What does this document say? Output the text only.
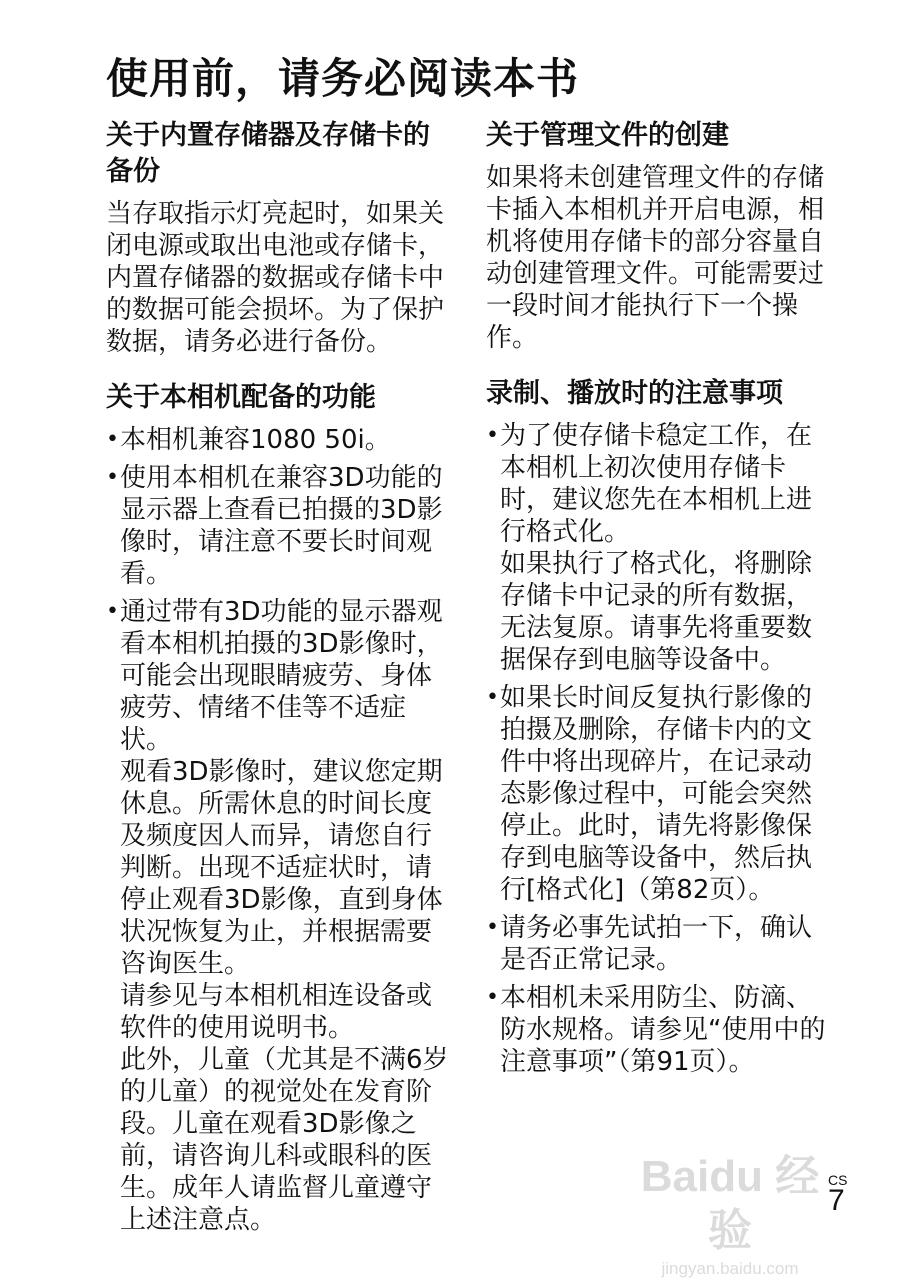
使用前，请务必阅读本书
关于内置存储器及存储卡的备份

当存取指示灯亮起时，如果关闭电源或取出电池或存储卡，内置存储器的数据或存储卡中的数据可能会损坏。为了保护数据，请务必进行备份。

关于本相机配备的功能
• 本相机兼容1080 50i。

• 使用本相机在兼容3D功能的显示器上查看已拍摄的3D影像时，请注意不要长时间观看。

• 通过带有3D功能的显示器观看本相机拍摄的3D影像时，可能会出现眼睛疲劳、身体疲劳、情绪不佳等不适症状。

观看3D影像时，建议您定期休息。所需休息的时间长度及频度因人而异，请您自行判断。出现不适症状时，请停止观看3D影像，直到身体状况恢复为止，并根据需要咨询医生。

请参见与本相机相连设备或软件的使用说明书。

此外，儿童（尤其是不满6岁的儿童）的视觉处在发育阶段。儿童在观看3D影像之前，请咨询儿科或眼科的医生。成年人请监督儿童遵守上述注意点。

关于管理文件的创建

如果将未创建管理文件的存储卡插入本相机并开启电源，相机将使用存储卡的部分容量自动创建管理文件。可能需要过一段时间才能执行下一个操作。

录制、播放时的注意事项
• 为了使存储卡稳定工作，在本相机上初次使用存储卡时，建议您先在本相机上进行格式化。

如果执行了格式化，将删除存储卡中记录的所有数据，无法复原。请事先将重要数据保存到电脑等设备中。

• 如果长时间反复执行影像的拍摄及删除，存储卡内的文件中将出现碎片，在记录动态影像过程中，可能会突然停止。此时，请先将影像保存到电脑等设备中，然后执行[格式化]（第82页）。

• 请务必事先试拍一下，确认是否正常记录。

• 本相机未采用防尘、防滴、防水规格。请参见“使用中的注意事项”（第91页）。

Baidu 经验
jingyan.baidu.com
CS
7
